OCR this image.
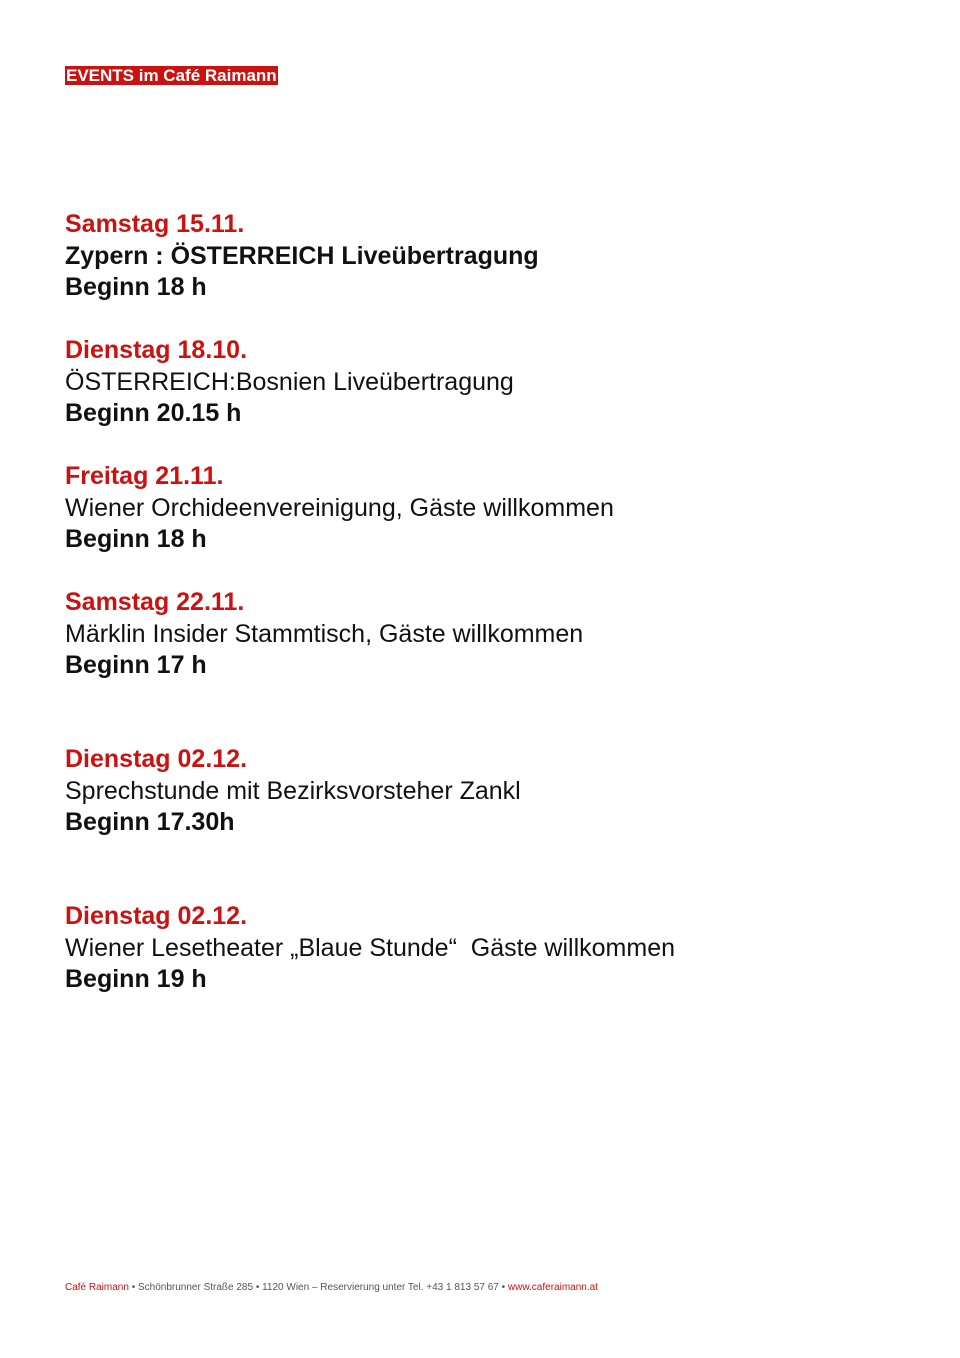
EVENTS im Café Raimann
Samstag 15.11.
Zypern : ÖSTERREICH Liveübertragung
Beginn 18 h
Dienstag 18.10.
ÖSTERREICH:Bosnien Liveübertragung
Beginn 20.15 h
Freitag 21.11.
Wiener Orchideenvereinigung, Gäste willkommen
Beginn 18 h
Samstag 22.11.
Märklin Insider Stammtisch, Gäste willkommen
Beginn 17 h
Dienstag 02.12.
Sprechstunde mit Bezirksvorsteher Zankl
Beginn 17.30h
Dienstag 02.12.
Wiener Lesetheater „Blaue Stunde“  Gäste willkommen
Beginn 19 h
Café Raimann • Schönbrunner Straße 285 • 1120 Wien – Reservierung unter Tel. +43 1 813 57 67 • www.caferaimann.at
